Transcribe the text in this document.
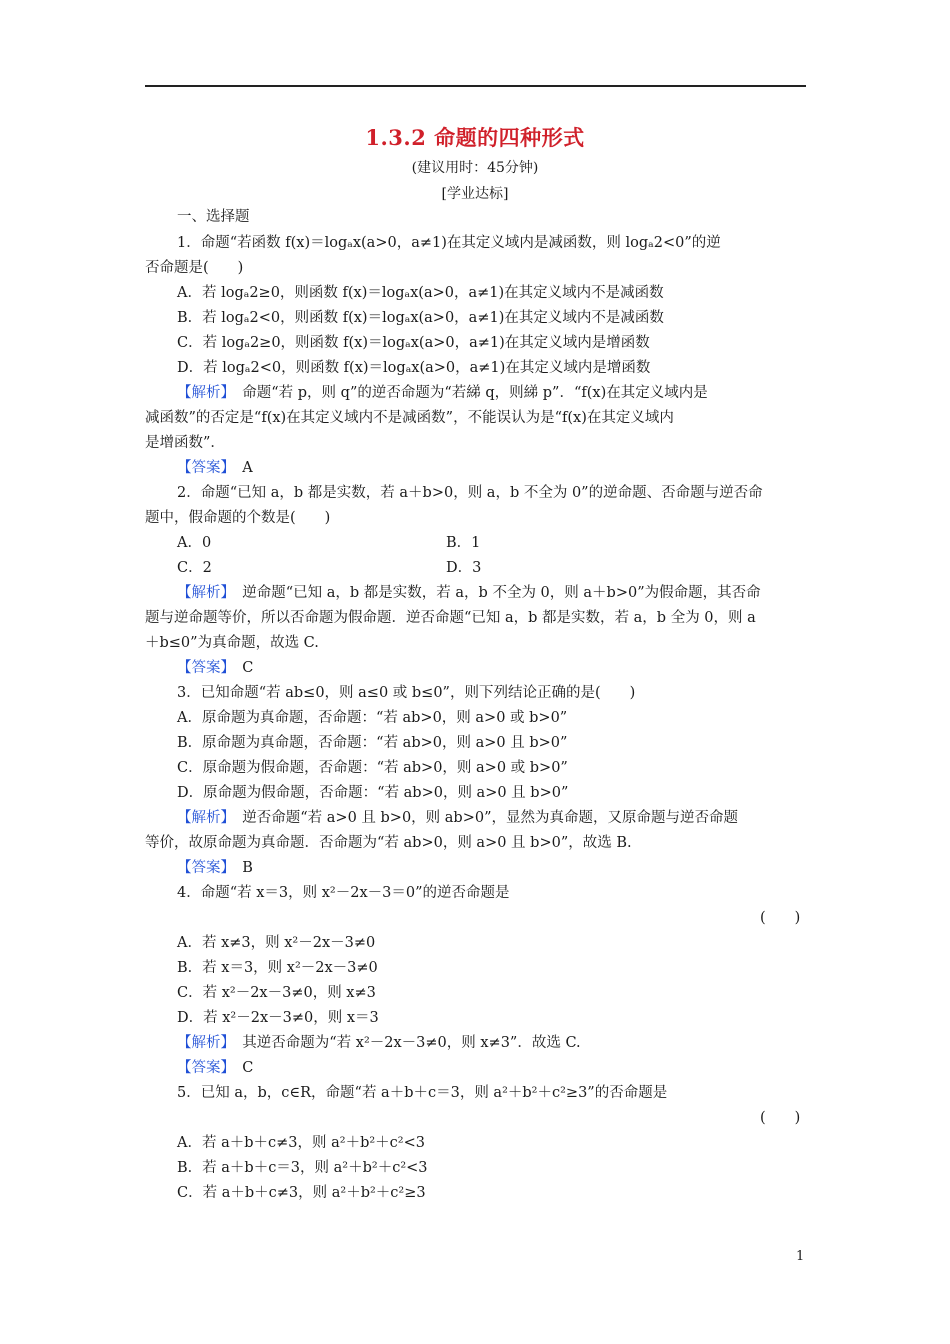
1.3.2 命题的四种形式
(建议用时：45分钟)
[学业达标]
一、选择题
1．命题“若函数 f(x)＝logₐx(a>0，a≠1)在其定义域内是减函数，则 logₐ2<0”的逆
否命题是(　　)
A．若 logₐ2≥0，则函数 f(x)＝logₐx(a>0，a≠1)在其定义域内不是减函数
B．若 logₐ2<0，则函数 f(x)＝logₐx(a>0，a≠1)在其定义域内不是减函数
C．若 logₐ2≥0，则函数 f(x)＝logₐx(a>0，a≠1)在其定义域内是增函数
D．若 logₐ2<0，则函数 f(x)＝logₐx(a>0，a≠1)在其定义域内是增函数
【解析】　命题“若 p，则 q”的逆否命题为“若綈 q，则綈 p”．“f(x)在其定义域内是
减函数”的否定是“f(x)在其定义域内不是减函数”，不能误认为是“f(x)在其定义域内
是增函数”．
【答案】　A
2．命题“已知 a，b 都是实数，若 a＋b>0，则 a，b 不全为 0”的逆命题、否命题与逆否命
题中，假命题的个数是(　　)
A．0	B．1
C．2	D．3
【解析】　逆命题“已知 a，b 都是实数，若 a，b 不全为 0，则 a＋b>0”为假命题，其否命
题与逆命题等价，所以否命题为假命题．逆否命题“已知 a，b 都是实数，若 a，b 全为 0，则 a
＋b≤0”为真命题，故选 C.
【答案】　C
3．已知命题“若 ab≤0，则 a≤0 或 b≤0”，则下列结论正确的是(　　)
A．原命题为真命题，否命题：“若 ab>0，则 a>0 或 b>0”
B．原命题为真命题，否命题：“若 ab>0，则 a>0 且 b>0”
C．原命题为假命题，否命题：“若 ab>0，则 a>0 或 b>0”
D．原命题为假命题，否命题：“若 ab>0，则 a>0 且 b>0”
【解析】　逆否命题“若 a>0 且 b>0，则 ab>0”，显然为真命题，又原命题与逆否命题
等价，故原命题为真命题．否命题为“若 ab>0，则 a>0 且 b>0”，故选 B.
【答案】　B
4．命题“若 x＝3，则 x²－2x－3＝0”的逆否命题是
(　　)
A．若 x≠3，则 x²－2x－3≠0
B．若 x＝3，则 x²－2x－3≠0
C．若 x²－2x－3≠0，则 x≠3
D．若 x²－2x－3≠0，则 x＝3
【解析】　其逆否命题为“若 x²－2x－3≠0，则 x≠3”．故选 C.
【答案】　C
5．已知 a，b，c∈R，命题“若 a＋b＋c＝3，则 a²＋b²＋c²≥3”的否命题是
(　　)
A．若 a＋b＋c≠3，则 a²＋b²＋c²<3
B．若 a＋b＋c＝3，则 a²＋b²＋c²<3
C．若 a＋b＋c≠3，则 a²＋b²＋c²≥3
1
